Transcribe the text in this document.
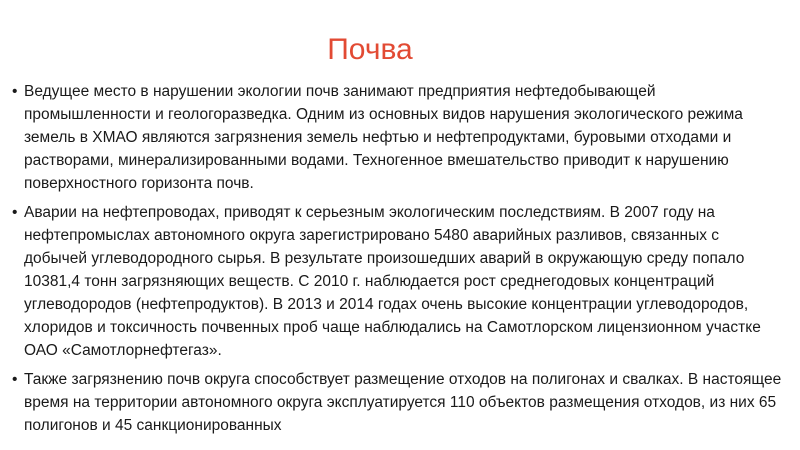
Почва
• Ведущее место в нарушении экологии почв занимают предприятия нефтедобывающей промышленности и геологоразведка. Одним из основных видов нарушения экологического режима земель в ХМАО являются загрязнения земель нефтью и нефтепродуктами, буровыми отходами и растворами, минерализированными водами. Техногенное вмешательство приводит к нарушению поверхностного горизонта почв.
• Аварии на нефтепроводах, приводят к серьезным экологическим последствиям. В 2007 году на нефтепромыслах автономного округа зарегистрировано 5480 аварийных разливов, связанных с добычей углеводородного сырья. В результате произошедших аварий в окружающую среду попало 10381,4 тонн загрязняющих веществ. С 2010 г. наблюдается рост среднегодовых концентраций углеводородов (нефтепродуктов). В 2013 и 2014 годах очень высокие концентрации углеводородов, хлоридов и токсичность почвенных проб чаще наблюдались на Самотлорском лицензионном участке ОАО «Самотлорнефтегаз».
• Также загрязнению почв округа способствует размещение отходов на полигонах и свалках. В настоящее время на территории автономного округа эксплуатируется 110 объектов размещения отходов, из них 65 полигонов и 45 санкционированных
